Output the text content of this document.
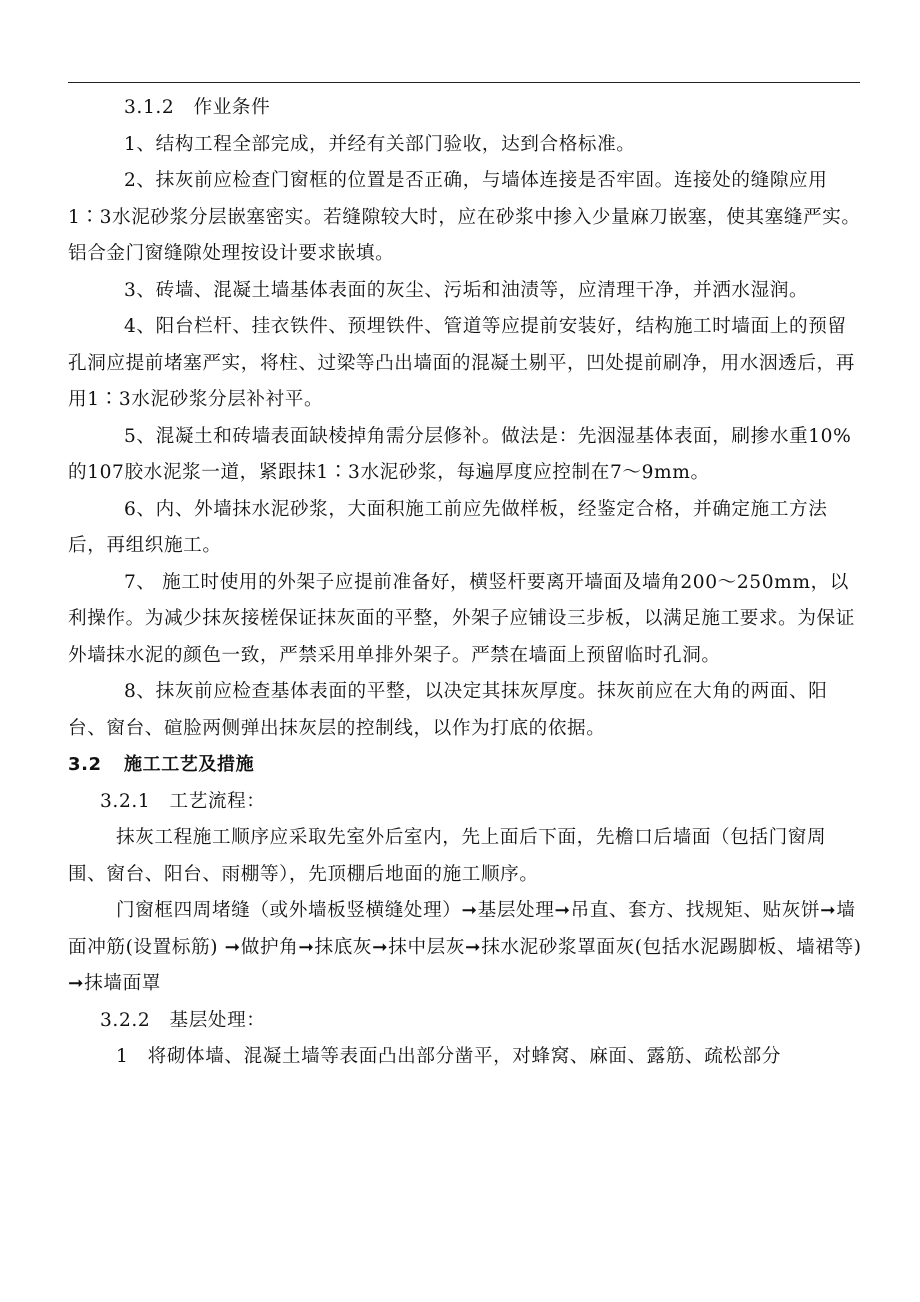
3.1.2　作业条件

1、结构工程全部完成，并经有关部门验收，达到合格标准。

2、抹灰前应检查门窗框的位置是否正确，与墙体连接是否牢固。连接处的缝隙应用1∶3水泥砂浆分层嵌塞密实。若缝隙较大时，应在砂浆中掺入少量麻刀嵌塞，使其塞缝严实。铝合金门窗缝隙处理按设计要求嵌填。

3、砖墙、混凝土墙基体表面的灰尘、污垢和油渍等，应清理干净，并洒水湿润。

4、阳台栏杆、挂衣铁件、预埋铁件、管道等应提前安装好，结构施工时墙面上的预留孔洞应提前堵塞严实，将柱、过梁等凸出墙面的混凝土剔平，凹处提前刷净，用水洇透后，再用1∶3水泥砂浆分层补衬平。

5、混凝土和砖墙表面缺棱掉角需分层修补。做法是：先洇湿基体表面，刷掺水重10%的107胶水泥浆一道，紧跟抹1∶3水泥砂浆，每遍厚度应控制在7～9mm。

6、内、外墙抹水泥砂浆，大面积施工前应先做样板，经鉴定合格，并确定施工方法后，再组织施工。

7、 施工时使用的外架子应提前准备好，横竖杆要离开墙面及墙角200～250mm，以利操作。为减少抹灰接槎保证抹灰面的平整，外架子应铺设三步板，以满足施工要求。为保证外墙抹水泥的颜色一致，严禁采用单排外架子。严禁在墙面上预留临时孔洞。

8、抹灰前应检查基体表面的平整，以决定其抹灰厚度。抹灰前应在大角的两面、阳台、窗台、碹脸两侧弹出抹灰层的控制线，以作为打底的依据。

3.2 施工工艺及措施

3.2.1　工艺流程：

抹灰工程施工顺序应采取先室外后室内，先上面后下面，先檐口后墙面（包括门窗周围、窗台、阳台、雨棚等），先顶棚后地面的施工顺序。

门窗框四周堵缝（或外墙板竖横缝处理）➞基层处理➞吊直、套方、找规矩、贴灰饼➞墙面冲筋(设置标筋) ➞做护角➞抹底灰➞抹中层灰➞抹水泥砂浆罩面灰(包括水泥踢脚板、墙裙等) ➞抹墙面罩

3.2.2　基层处理：

1　将砌体墙、混凝土墙等表面凸出部分凿平，对蜂窝、麻面、露筋、疏松部分
